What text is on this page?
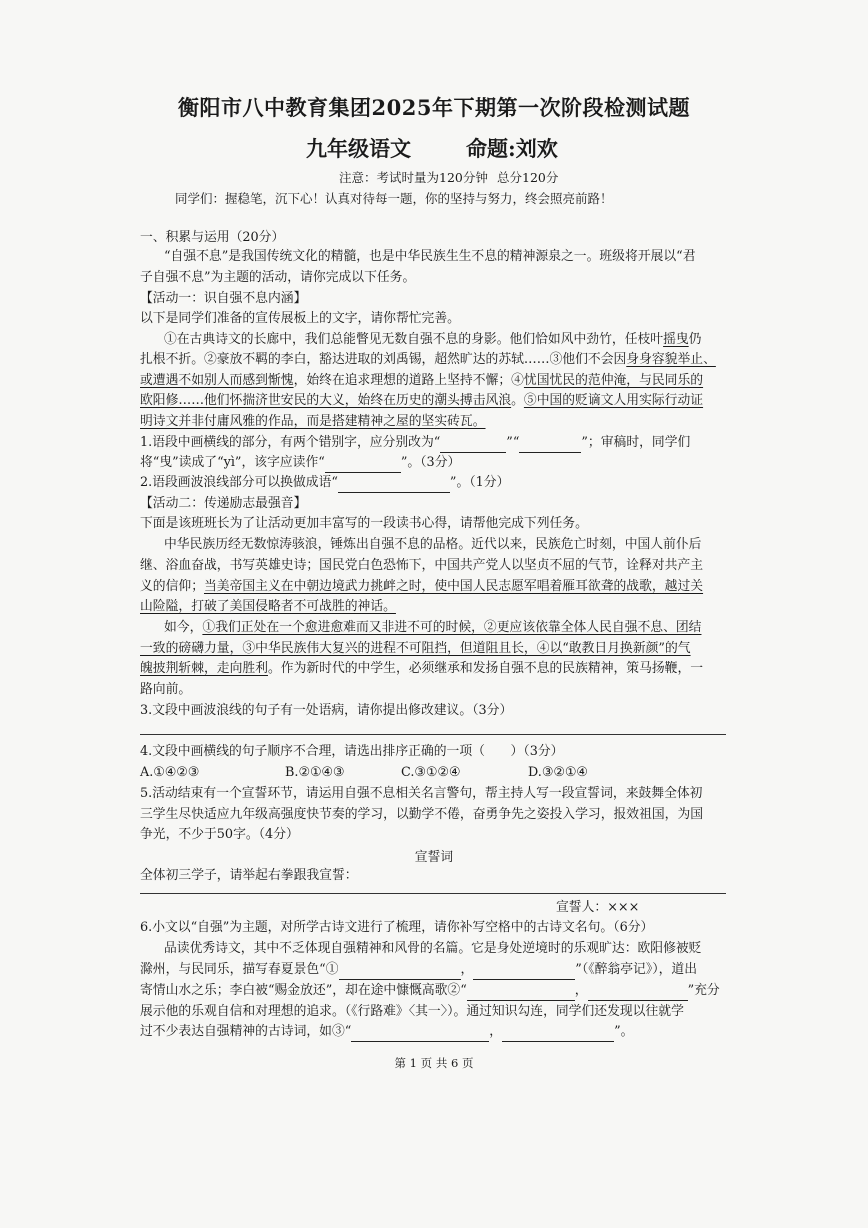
衡阳市八中教育集团2025年下期第一次阶段检测试题
九年级语文	命题:刘欢
注意：考试时量为120分钟 总分120分
同学们：握稳笔，沉下心！认真对待每一题，你的坚持与努力，终会照亮前路！
一、积累与运用（20分）
“自强不息”是我国传统文化的精髓，也是中华民族生生不息的精神源泉之一。班级将开展以“君
子自强不息”为主题的活动，请你完成以下任务。
【活动一：识自强不息内涵】
以下是同学们准备的宣传展板上的文字，请你帮忙完善。
①在古典诗文的长廊中，我们总能瞥见无数自强不息的身影。他们恰如风中劲竹，任枝叶摇曳仍
扎根不折。②豪放不羁的李白，豁达进取的刘禹锡，超然旷达的苏轼……③他们不会因身身容貌举止、
或遭遇不如别人而感到惭愧，始终在追求理想的道路上坚持不懈；④忧国忧民的范仲淹，与民同乐的
欧阳修……他们怀揣济世安民的大义，始终在历史的潮头搏击风浪。⑤中国的贬谪文人用实际行动证
明诗文并非付庸风雅的作品，而是搭建精神之屋的坚实砖瓦。
1.语段中画横线的部分，有两个错别字，应分别改为“	”“	”；审稿时，同学们
将“曳”读成了“yì”，该字应读作“	”。（3分）
2.语段画波浪线部分可以换做成语“	”。（1分）
【活动二：传递励志最强音】
下面是该班班长为了让活动更加丰富写的一段读书心得，请帮他完成下列任务。
中华民族历经无数惊涛骇浪，锤炼出自强不息的品格。近代以来，民族危亡时刻，中国人前仆后
继、浴血奋战，书写英雄史诗；国民党白色恐怖下，中国共产党人以坚贞不屈的气节，诠释对共产主
义的信仰；当美帝国主义在中朝边境武力挑衅之时，使中国人民志愿军唱着雁耳欲聋的战歌，越过关
山险隘，打破了美国侵略者不可战胜的神话。
如今，①我们正处在一个愈进愈难而又非进不可的时候，②更应该依靠全体人民自强不息、团结
一致的磅礴力量，③中华民族伟大复兴的进程不可阻挡，但道阻且长，④以“敢教日月换新颜”的气
魄披荆斩棘，走向胜利。作为新时代的中学生，必须继承和发扬自强不息的民族精神，策马扬鞭，一
路向前。
3.文段中画波浪线的句子有一处语病，请你提出修改建议。（3分）
4.文段中画横线的句子顺序不合理，请选出排序正确的一项（　　）（3分）
A.①④②③	B.②①④③	C.③①②④	D.③②①④
5.活动结束有一个宣誓环节，请运用自强不息相关名言警句，帮主持人写一段宣誓词，来鼓舞全体初
三学生尽快适应九年级高强度快节奏的学习，以勤学不倦，奋勇争先之姿投入学习，报效祖国，为国
争光，不少于50字。（4分）
宣誓词
全体初三学子，请举起右拳跟我宣誓：
宣誓人：×××
6.小文以“自强”为主题，对所学古诗文进行了梳理，请你补写空格中的古诗文名句。（6分）
品读优秀诗文，其中不乏体现自强精神和风骨的名篇。它是身处逆境时的乐观旷达：欧阳修被贬
滁州，与民同乐，描写春夏景色“①	，	”（《醉翁亭记》），道出
寄情山水之乐；李白被“赐金放还”，却在途中慷慨高歌②“	，	”充分
展示他的乐观自信和对理想的追求。（《行路难》〈其一〉）。通过知识勾连，同学们还发现以往就学
过不少表达自强精神的古诗词，如③“	，	”。
第 1 页 共 6 页
